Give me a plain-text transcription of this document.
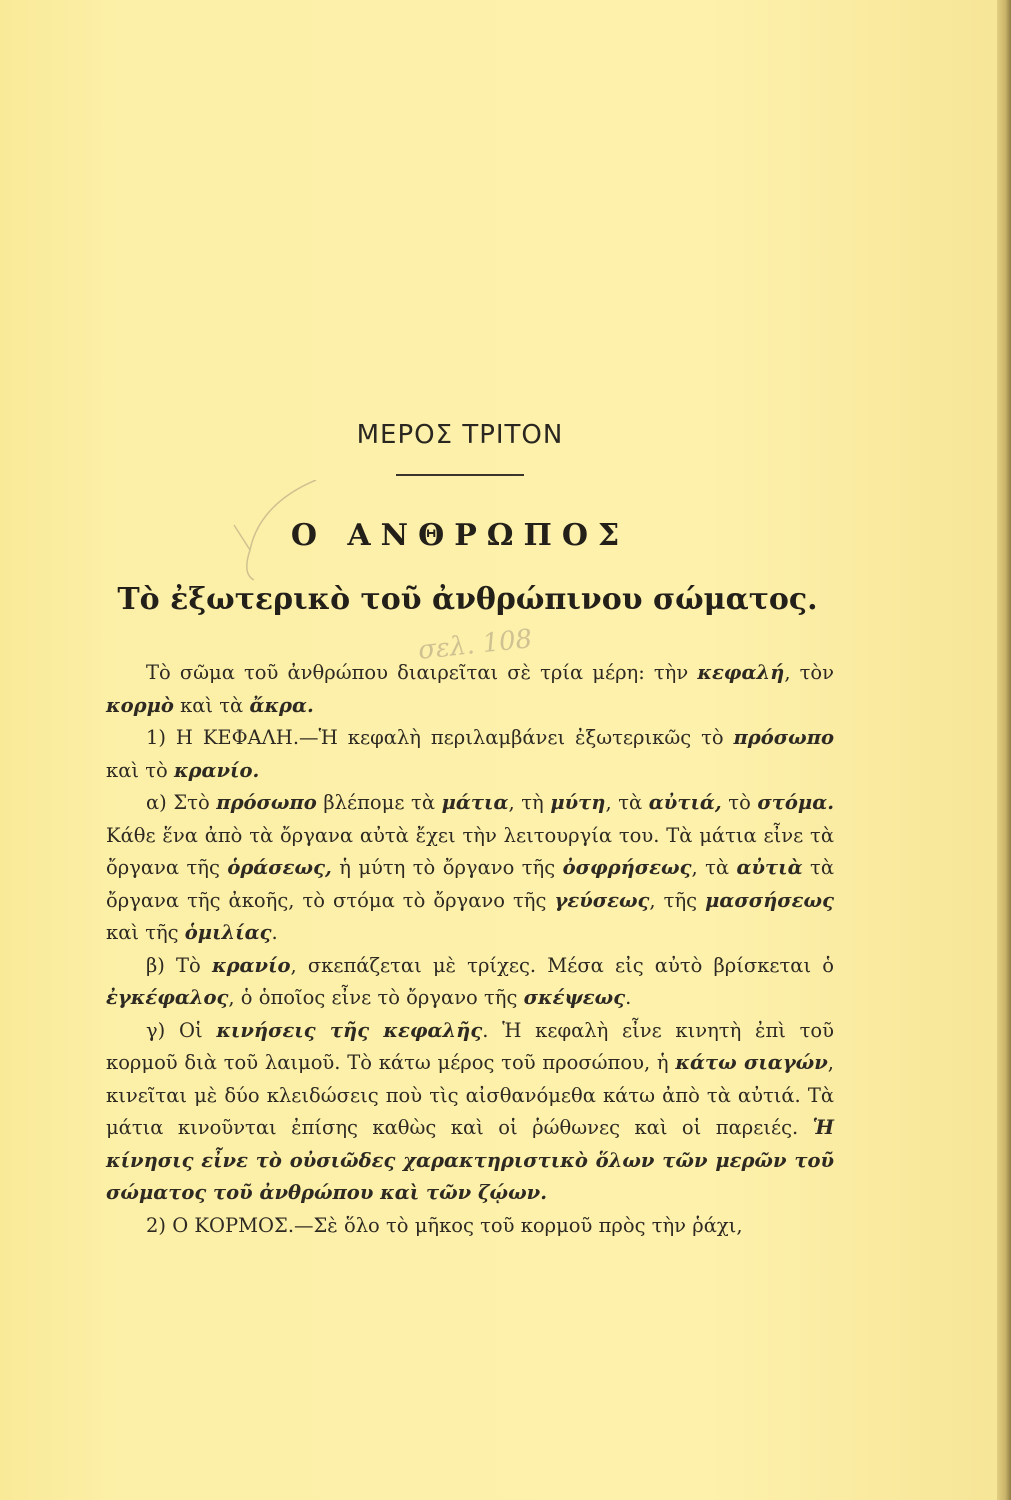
ΜΕΡΟΣ ΤΡΙΤΟΝ
Ο ΑΝΘΡΩΠΟΣ
Τὸ ἐξωτερικὸ τοῦ ἀνθρώπινου σώματος.
σελ. 108

Τὸ σῶμα τοῦ ἀνθρώπου διαιρεῖται σὲ τρία μέρη: τὴν κεφαλή, τὸν κορμὸ καὶ τὰ ἄκρα.

1) Η ΚΕΦΑΛΗ.—Ἡ κεφαλὴ περιλαμβάνει ἐξωτερικῶς τὸ πρόσωπο καὶ τὸ κρανίο.

α) Στὸ πρόσωπο βλέπομε τὰ μάτια, τὴ μύτη, τὰ αὐτιά, τὸ στόμα. Κάθε ἕνα ἀπὸ τὰ ὄργανα αὐτὰ ἔχει τὴν λειτουργία του. Τὰ μάτια εἶνε τὰ ὄργανα τῆς ὁράσεως, ἡ μύτη τὸ ὄργανο τῆς ὀσφρήσεως, τὰ αὐτιὰ τὰ ὄργανα τῆς ἀκοῆς, τὸ στόμα τὸ ὄργανο τῆς γεύσεως, τῆς μασσήσεως καὶ τῆς ὁμιλίας.

β) Τὸ κρανίο, σκεπάζεται μὲ τρίχες. Μέσα εἰς αὐτὸ βρίσκεται ὁ ἐγκέφαλος, ὁ ὁποῖος εἶνε τὸ ὄργανο τῆς σκέψεως.

γ) Οἱ κινήσεις τῆς κεφαλῆς. Ἡ κεφαλὴ εἶνε κινητὴ ἐπὶ τοῦ κορμοῦ διὰ τοῦ λαιμοῦ. Τὸ κάτω μέρος τοῦ προσώπου, ἡ κάτω σιαγών, κινεῖται μὲ δύο κλειδώσεις ποὺ τὶς αἰσθανόμεθα κάτω ἀπὸ τὰ αὐτιά. Τὰ μάτια κινοῦνται ἐπίσης καθὼς καὶ οἱ ῥώθωνες καὶ οἱ παρειές. Ἡ κίνησις εἶνε τὸ οὐσιῶδες χαρακτηριστικὸ ὅλων τῶν μερῶν τοῦ σώματος τοῦ ἀνθρώπου καὶ τῶν ζῴων.

2) Ο ΚΟΡΜΟΣ.—Σὲ ὅλο τὸ μῆκος τοῦ κορμοῦ πρὸς τὴν ῥάχι,
